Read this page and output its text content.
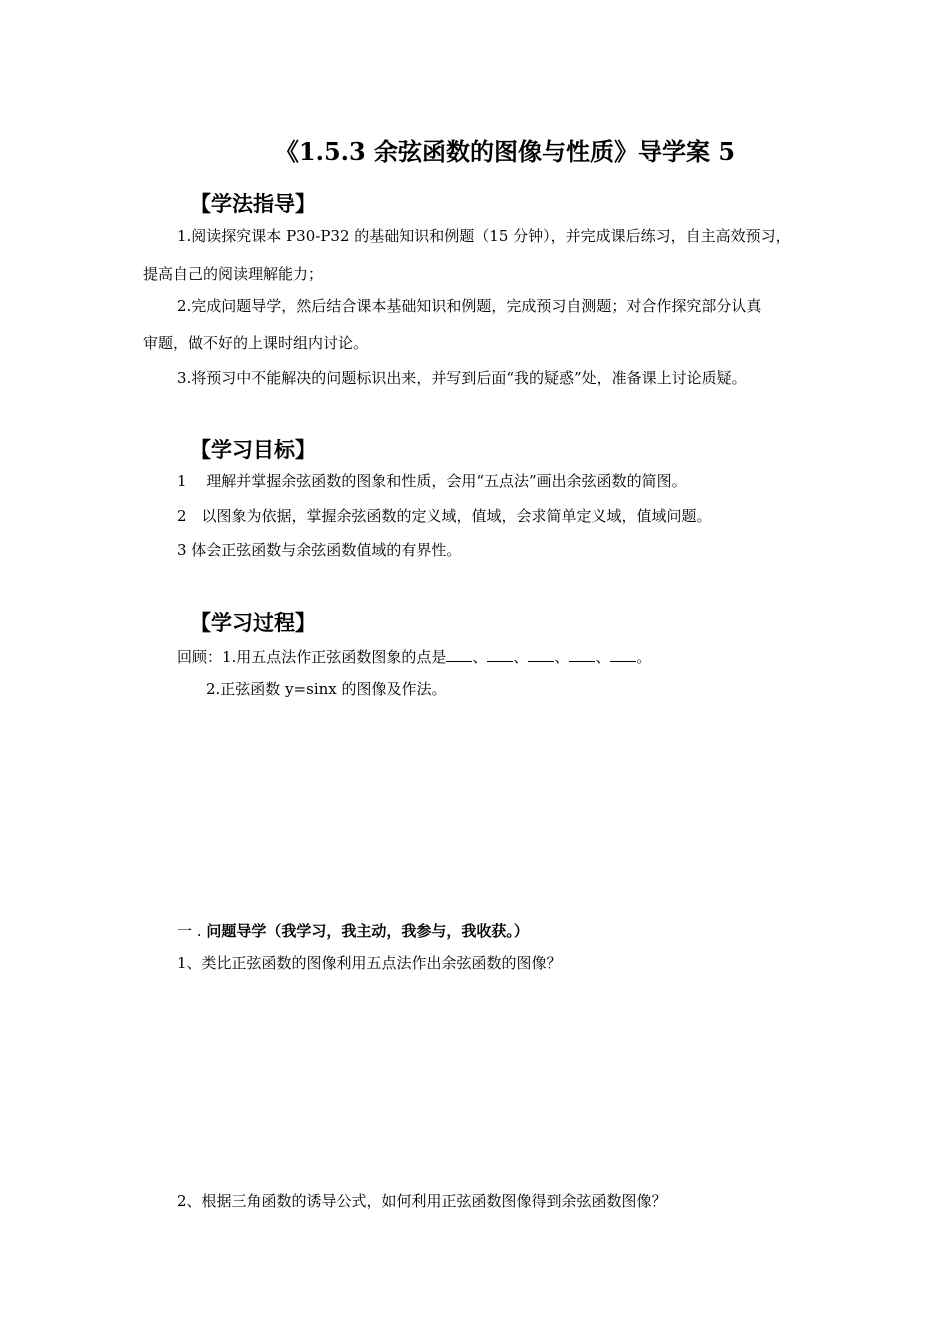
《1.5.3 余弦函数的图像与性质》导学案 5
【学法指导】
1.阅读探究课本 P30-P32 的基础知识和例题（15 分钟），并完成课后练习，自主高效预习，
提高自己的阅读理解能力；
2.完成问题导学，然后结合课本基础知识和例题，完成预习自测题；对合作探究部分认真
审题，做不好的上课时组内讨论。
3.将预习中不能解决的问题标识出来，并写到后面“我的疑惑”处，准备课上讨论质疑。
【学习目标】
1　 理解并掌握余弦函数的图象和性质，会用“五点法”画出余弦函数的简图。
2　以图象为依据，掌握余弦函数的定义域，值域，会求简单定义域，值域问题。
3 体会正弦函数与余弦函数值域的有界性。
【学习过程】
回顾：1.用五点法作正弦函数图象的点是 、 、 、 、 。
2.正弦函数 y=sinx 的图像及作法。
一 . 问题导学（我学习，我主动，我参与，我收获。）
1、类比正弦函数的图像利用五点法作出余弦函数的图像？
2、根据三角函数的诱导公式，如何利用正弦函数图像得到余弦函数图像？
